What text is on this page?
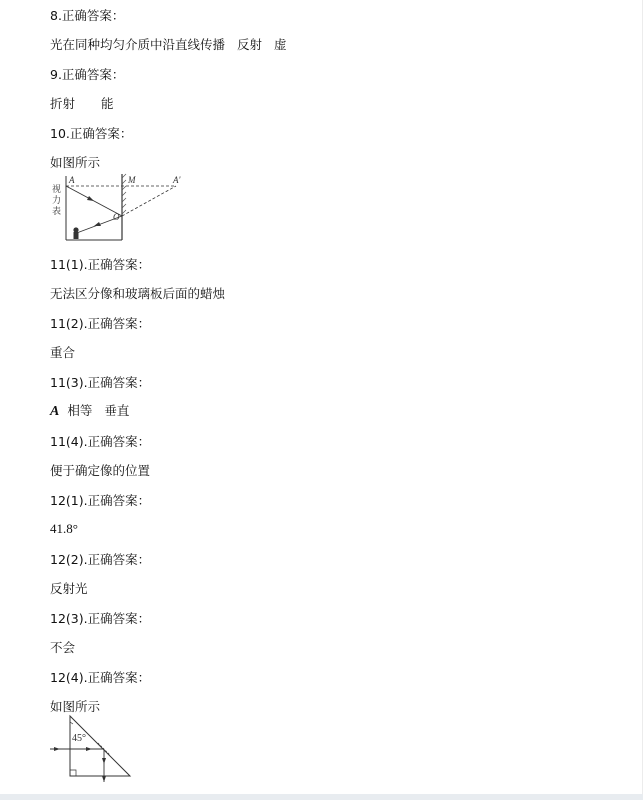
8.正确答案：
光在同种均匀介质中沿直线传播 反射 虚
9.正确答案：
折射 能
10.正确答案：
如图所示
视
力
表
A	M	A'
O
11(1).正确答案：
无法区分像和玻璃板后面的蜡烛
11(2).正确答案：
重合
11(3).正确答案：
A 相等 垂直
11(4).正确答案：
便于确定像的位置
12(1).正确答案：
41.8°
12(2).正确答案：
反射光
12(3).正确答案：
不会
12(4).正确答案：
如图所示
45°
